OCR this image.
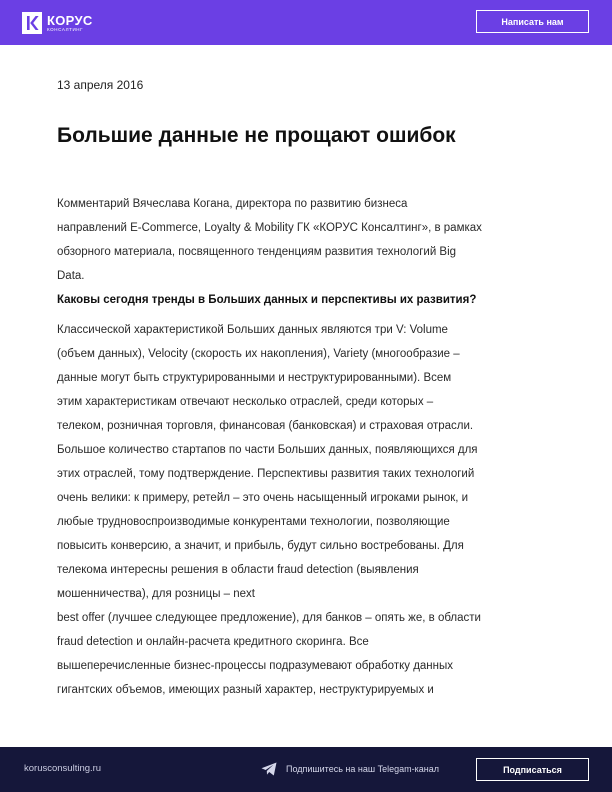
КОРУС
КОНСАЛТИНГ
Написать нам
13 апреля 2016
Большие данные не прощают ошибок
Комментарий Вячеслава Когана, директора по развитию бизнеса
направлений E-Commerce, Loyalty & Mobility ГК «КОРУС Консалтинг», в рамках
обзорного материала, посвященного тенденциям развития технологий Big
Data.
Каковы сегодня тренды в Больших данных и перспективы их развития?
Классической характеристикой Больших данных являются три V: Volume
(объем данных), Velocity (скорость их накопления), Variety (многообразие –
данные могут быть структурированными и неструктурированными). Всем
этим характеристикам отвечают несколько отраслей, среди которых –
телеком, розничная торговля, финансовая (банковская) и страховая отрасли.
Большое количество стартапов по части Больших данных, появляющихся для
этих отраслей, тому подтверждение. Перспективы развития таких технологий
очень велики: к примеру, ретейл – это очень насыщенный игроками рынок, и
любые трудновоспроизводимые конкурентами технологии, позволяющие
повысить конверсию, а значит, и прибыль, будут сильно востребованы. Для
телекома интересны решения в области fraud detection (выявления
мошенничества), для розницы – next
best offer (лучшее следующее предложение), для банков – опять же, в области
fraud detection и онлайн-расчета кредитного скоринга. Все
вышеперечисленные бизнес-процессы подразумевают обработку данных
гигантских объемов, имеющих разный характер, неструктурируемых и
korusconsulting.ru	Подпишитесь на наш Telegam-канал	Подписаться
